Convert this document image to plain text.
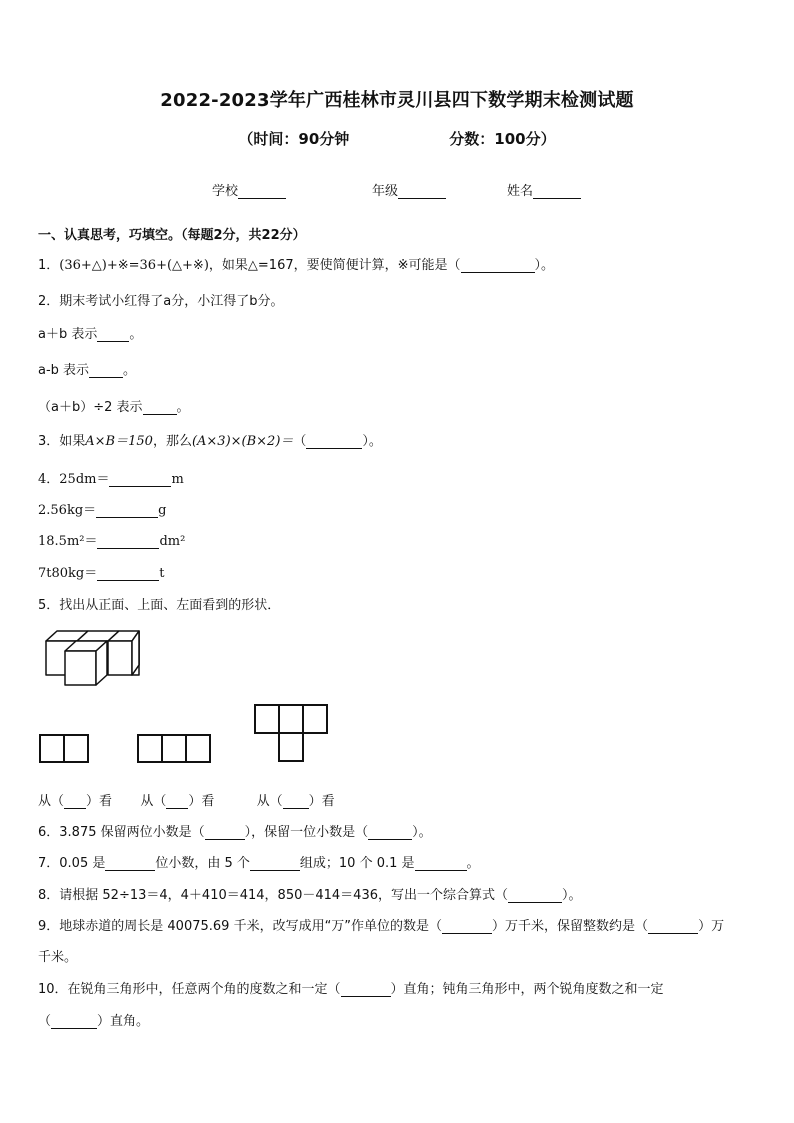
2022-2023学年广西桂林市灵川县四下数学期末检测试题
（时间：90分钟	分数：100分）
学校	年级	姓名
一、认真思考，巧填空。（每题2分，共22分）
1．(36+△)+※=36+(△+※)，如果△=167，要使简便计算，※可能是（	）。
2．期末考试小红得了a分，小江得了b分。
a＋b 表示 。
a-b 表示	。
（a＋b）÷2 表示	。
3．如果A×B＝150，那么(A×3)×(B×2)＝（	）。
4．25dm＝	m
2.56kg＝	g
18.5m²＝	dm²
7t80kg＝	t
5．找出从正面、上面、左面看到的形状．
从（ ）看 从（ ）看	从（ ）看
6．3.875 保留两位小数是（	），保留一位小数是（	）。
7．0.05 是	位小数，由 5 个	组成；10 个 0.1 是	。
8．请根据 52÷13＝4，4＋410＝414，850－414＝436，写出一个综合算式（	）。
9．地球赤道的周长是 40075.69 千米，改写成用“万”作单位的数是（	）万千米，保留整数约是（	）万
千米。
10．在锐角三角形中，任意两个角的度数之和一定（	）直角；钝角三角形中，两个锐角度数之和一定
（	）直角。
